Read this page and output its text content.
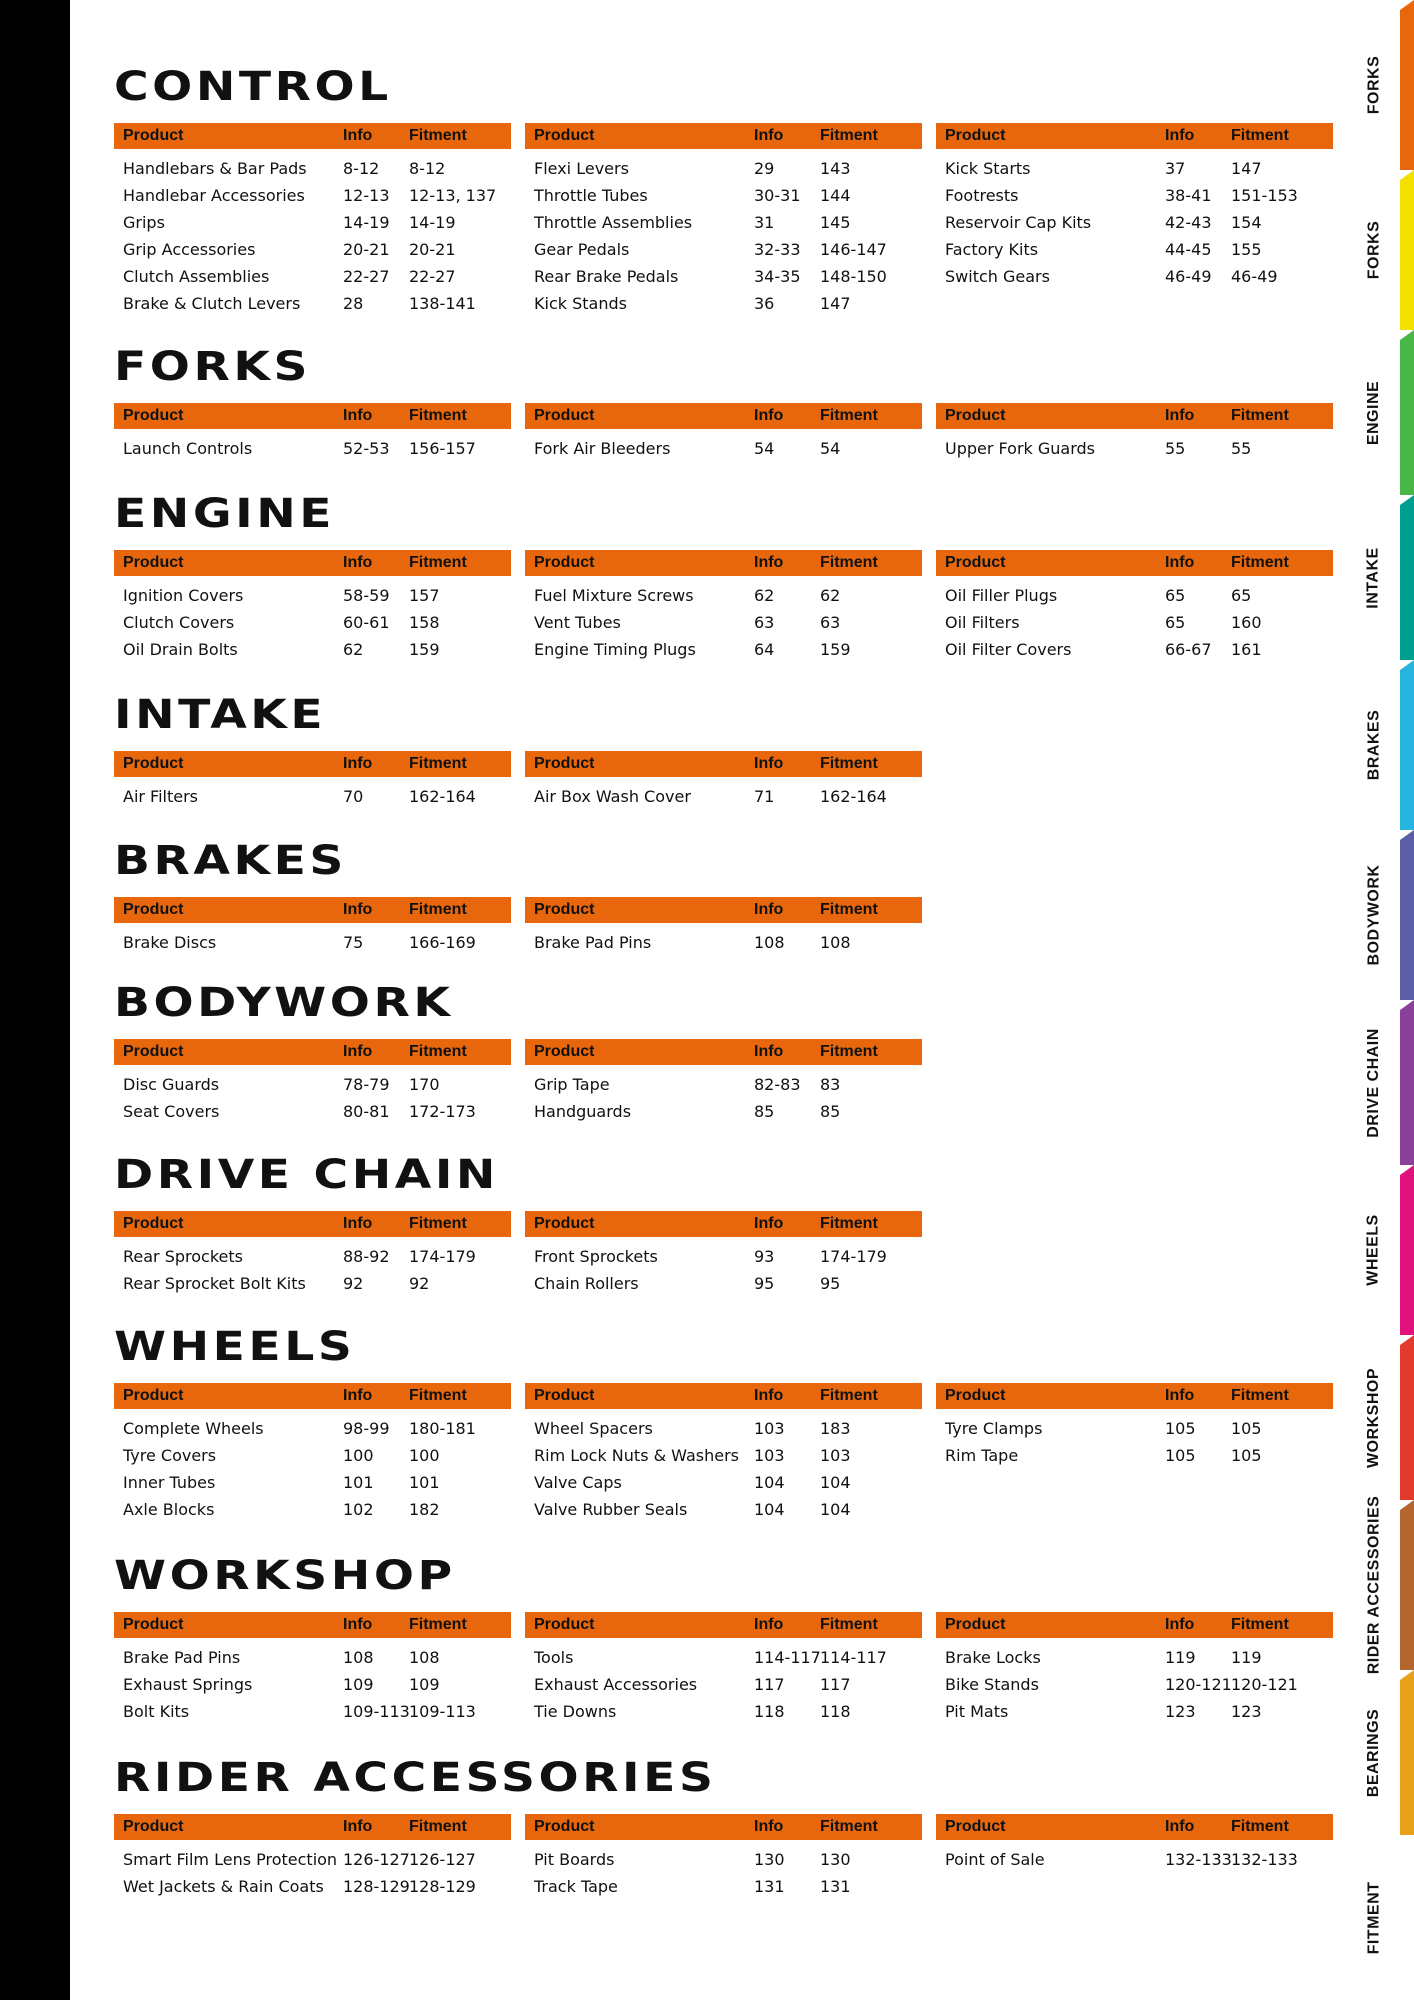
FORKS
FORKS
ENGINE
INTAKE
BRAKES
BODYWORK
DRIVE CHAIN
WHEELS
WORKSHOP
RIDER ACCESSORIES
BEARINGS
FITMENT
CONTROL
Product	Info	Fitment
Handlebars & Bar Pads	8-12	8-12
Handlebar Accessories	12-13	12-13, 137
Grips	14-19	14-19
Grip Accessories	20-21	20-21
Clutch Assemblies	22-27	22-27
Brake & Clutch Levers	28	138-141
Product	Info	Fitment
Flexi Levers	29	143
Throttle Tubes	30-31	144
Throttle Assemblies	31	145
Gear Pedals	32-33	146-147
Rear Brake Pedals	34-35	148-150
Kick Stands	36	147
Product	Info	Fitment
Kick Starts	37	147
Footrests	38-41	151-153
Reservoir Cap Kits	42-43	154
Factory Kits	44-45	155
Switch Gears	46-49	46-49
FORKS
Product	Info	Fitment
Launch Controls	52-53	156-157
Product	Info	Fitment
Fork Air Bleeders	54	54
Product	Info	Fitment
Upper Fork Guards	55	55
ENGINE
Product	Info	Fitment
Ignition Covers	58-59	157
Clutch Covers	60-61	158
Oil Drain Bolts	62	159
Product	Info	Fitment
Fuel Mixture Screws	62	62
Vent Tubes	63	63
Engine Timing Plugs	64	159
Product	Info	Fitment
Oil Filler Plugs	65	65
Oil Filters	65	160
Oil Filter Covers	66-67	161
INTAKE
Product	Info	Fitment
Air Filters	70	162-164
Product	Info	Fitment
Air Box Wash Cover	71	162-164
BRAKES
Product	Info	Fitment
Brake Discs	75	166-169
Product	Info	Fitment
Brake Pad Pins	108	108
BODYWORK
Product	Info	Fitment
Disc Guards	78-79	170
Seat Covers	80-81	172-173
Product	Info	Fitment
Grip Tape	82-83	83
Handguards	85	85
DRIVE CHAIN
Product	Info	Fitment
Rear Sprockets	88-92	174-179
Rear Sprocket Bolt Kits	92	92
Product	Info	Fitment
Front Sprockets	93	174-179
Chain Rollers	95	95
WHEELS
Product	Info	Fitment
Complete Wheels	98-99	180-181
Tyre Covers	100	100
Inner Tubes	101	101
Axle Blocks	102	182
Product	Info	Fitment
Wheel Spacers	103	183
Rim Lock Nuts & Washers 103	103
Valve Caps	104	104
Valve Rubber Seals	104	104
Product	Info	Fitment
Tyre Clamps	105	105
Rim Tape	105	105
WORKSHOP
Product	Info	Fitment
Brake Pad Pins	108	108
Exhaust Springs	109	109
Bolt Kits	109-113 109-113
Product	Info	Fitment
Tools	114-117 114-117
Exhaust Accessories	117	117
Tie Downs	118	118
Product	Info	Fitment
Brake Locks	119	119
Bike Stands	120-121 120-121
Pit Mats	123	123
RIDER ACCESSORIES
Product	Info	Fitment
Smart Film Lens Protection 126-127 126-127
Wet Jackets & Rain Coats	128-129 128-129
Product	Info	Fitment
Pit Boards	130	130
Track Tape	131	131
Product	Info	Fitment
Point of Sale	132-133 132-133
